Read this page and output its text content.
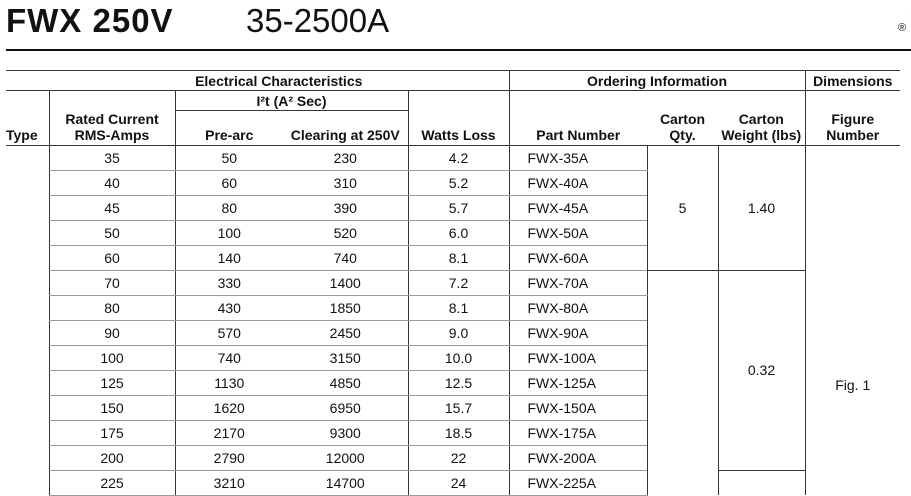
FWX 250V 35-2500A	®
	Electrical Characteristics				Ordering Information			Dimensions
	Rated Current RMS-Amps	I²t (A² Sec)					Carton Weight (lbs)	
Type		Pre-arc	Clearing at 250V	Watts Loss	Part Number	Carton Qty.		Figure Number
	35	50	230	4.2	FWX-35A	5	1.40	Fig. 1
	40	60	310	5.2	FWX-40A			
	45	80	390	5.7	FWX-45A			
	50	100	520	6.0	FWX-50A			
	60	140	740	8.1	FWX-60A			
	70	330	1400	7.2	FWX-70A		0.32	
	80	430	1850	8.1	FWX-80A			
	90	570	2450	9.0	FWX-90A			
	100	740	3150	10.0	FWX-100A			
	125	1130	4850	12.5	FWX-125A			
	150	1620	6950	15.7	FWX-150A			
	175	2170	9300	18.5	FWX-175A			
	200	2790	12000	22	FWX-200A			
	225	3210	14700	24	FWX-225A			
